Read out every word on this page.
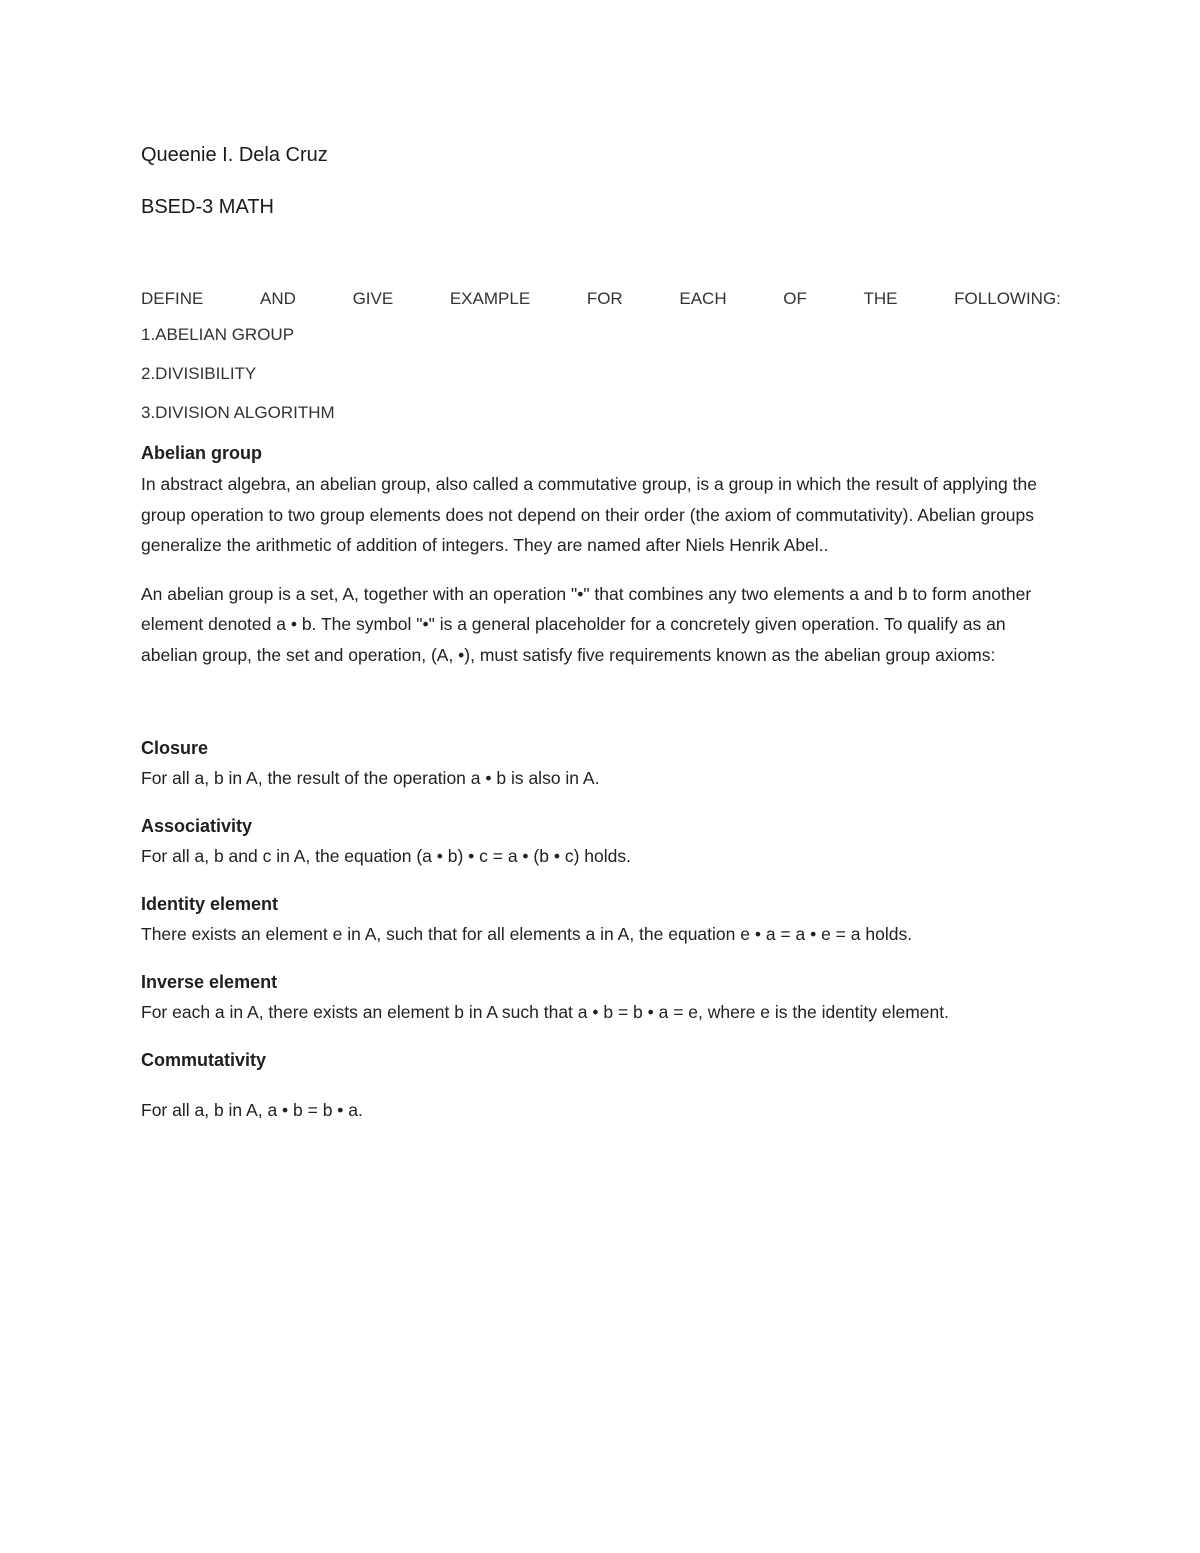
Queenie I. Dela Cruz

BSED-3 MATH

DEFINE	AND	GIVE	EXAMPLE	FOR	EACH	OF	THE	FOLLOWING:
1.ABELIAN GROUP
2.DIVISIBILITY
3.DIVISION ALGORITHM
Abelian group

In abstract algebra, an abelian group, also called a commutative group, is a group in which the result of applying the group operation to two group elements does not depend on their order (the axiom of commutativity). Abelian groups generalize the arithmetic of addition of integers. They are named after Niels Henrik Abel..

An abelian group is a set, A, together with an operation "•" that combines any two elements a and b to form another element denoted a • b. The symbol "•" is a general placeholder for a concretely given operation. To qualify as an abelian group, the set and operation, (A, •), must satisfy five requirements known as the abelian group axioms:

Closure

For all a, b in A, the result of the operation a • b is also in A.

Associativity

For all a, b and c in A, the equation (a • b) • c = a • (b • c) holds.

Identity element

There exists an element e in A, such that for all elements a in A, the equation e • a = a • e = a holds.

Inverse element

For each a in A, there exists an element b in A such that a • b = b • a = e, where e is the identity element.

Commutativity

For all a, b in A, a • b = b • a.
